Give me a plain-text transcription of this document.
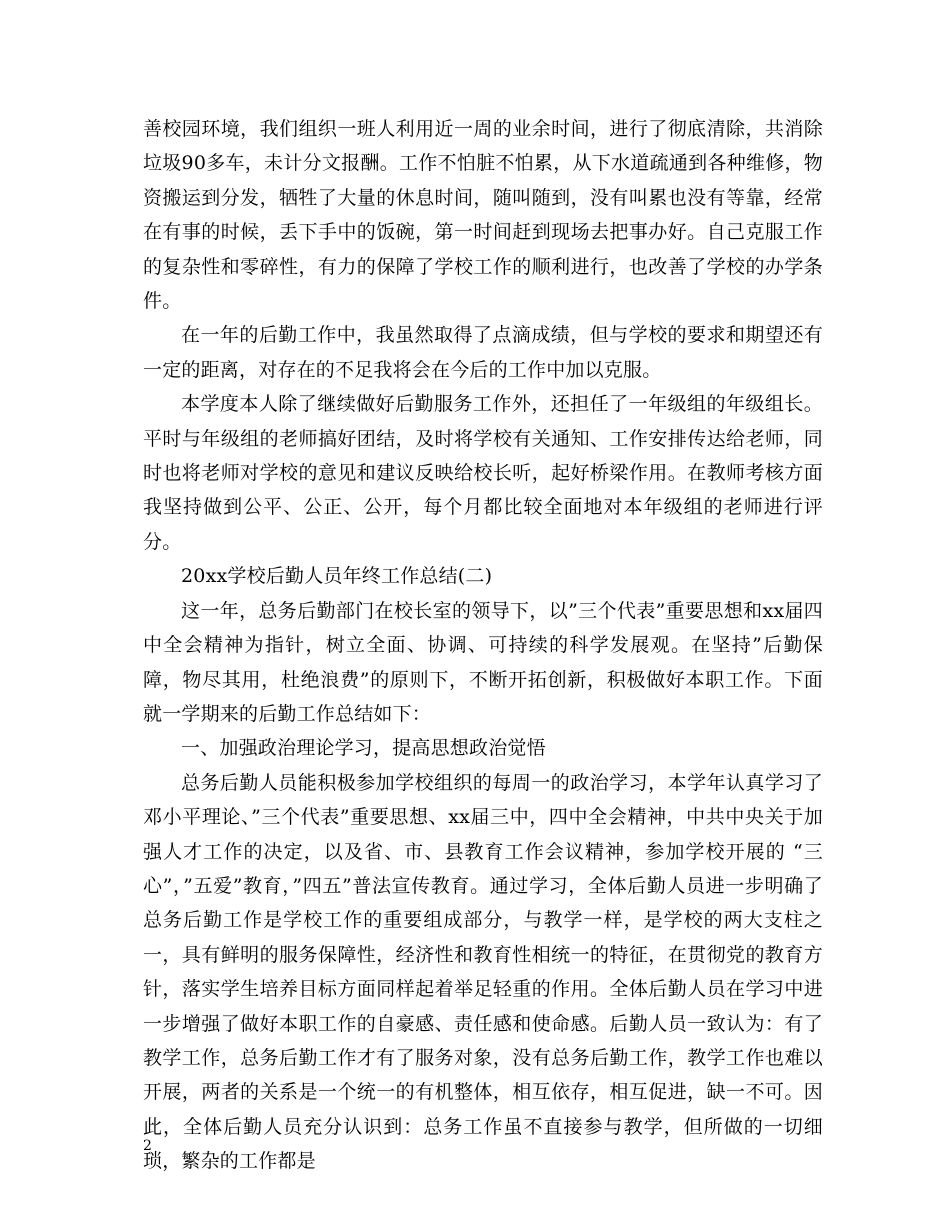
善校园环境，我们组织一班人利用近一周的业余时间，进行了彻底清除，共消除垃圾90多车，未计分文报酬。工作不怕脏不怕累，从下水道疏通到各种维修，物资搬运到分发，牺牲了大量的休息时间，随叫随到，没有叫累也没有等靠，经常在有事的时候，丢下手中的饭碗，第一时间赶到现场去把事办好。自己克服工作的复杂性和零碎性，有力的保障了学校工作的顺利进行，也改善了学校的办学条件。

在一年的后勤工作中，我虽然取得了点滴成绩，但与学校的要求和期望还有一定的距离，对存在的不足我将会在今后的工作中加以克服。

本学度本人除了继续做好后勤服务工作外，还担任了一年级组的年级组长。平时与年级组的老师搞好团结，及时将学校有关通知、工作安排传达给老师，同时也将老师对学校的意见和建议反映给校长听，起好桥梁作用。在教师考核方面我坚持做到公平、公正、公开，每个月都比较全面地对本年级组的老师进行评分。

20xx学校后勤人员年终工作总结(二)

这一年，总务后勤部门在校长室的领导下，以”三个代表”重要思想和xx届四中全会精神为指针，树立全面、协调、可持续的科学发展观。在坚持”后勤保障，物尽其用，杜绝浪费”的原则下，不断开拓创新，积极做好本职工作。下面就一学期来的后勤工作总结如下：

一、加强政治理论学习，提高思想政治觉悟

总务后勤人员能积极参加学校组织的每周一的政治学习，本学年认真学习了邓小平理论、”三个代表”重要思想、xx届三中，四中全会精神，中共中央关于加强人才工作的决定，以及省、市、县教育工作会议精神，参加学校开展的 “三心”，”五爱”教育，”四五”普法宣传教育。通过学习，全体后勤人员进一步明确了总务后勤工作是学校工作的重要组成部分，与教学一样，是学校的两大支柱之一，具有鲜明的服务保障性，经济性和教育性相统一的特征，在贯彻党的教育方针，落实学生培养目标方面同样起着举足轻重的作用。全体后勤人员在学习中进一步增强了做好本职工作的自豪感、责任感和使命感。后勤人员一致认为：有了教学工作，总务后勤工作才有了服务对象，没有总务后勤工作，教学工作也难以开展，两者的关系是一个统一的有机整体，相互依存，相互促进，缺一不可。因此，全体后勤人员充分认识到：总务工作虽不直接参与教学，但所做的一切细琐，繁杂的工作都是

2
